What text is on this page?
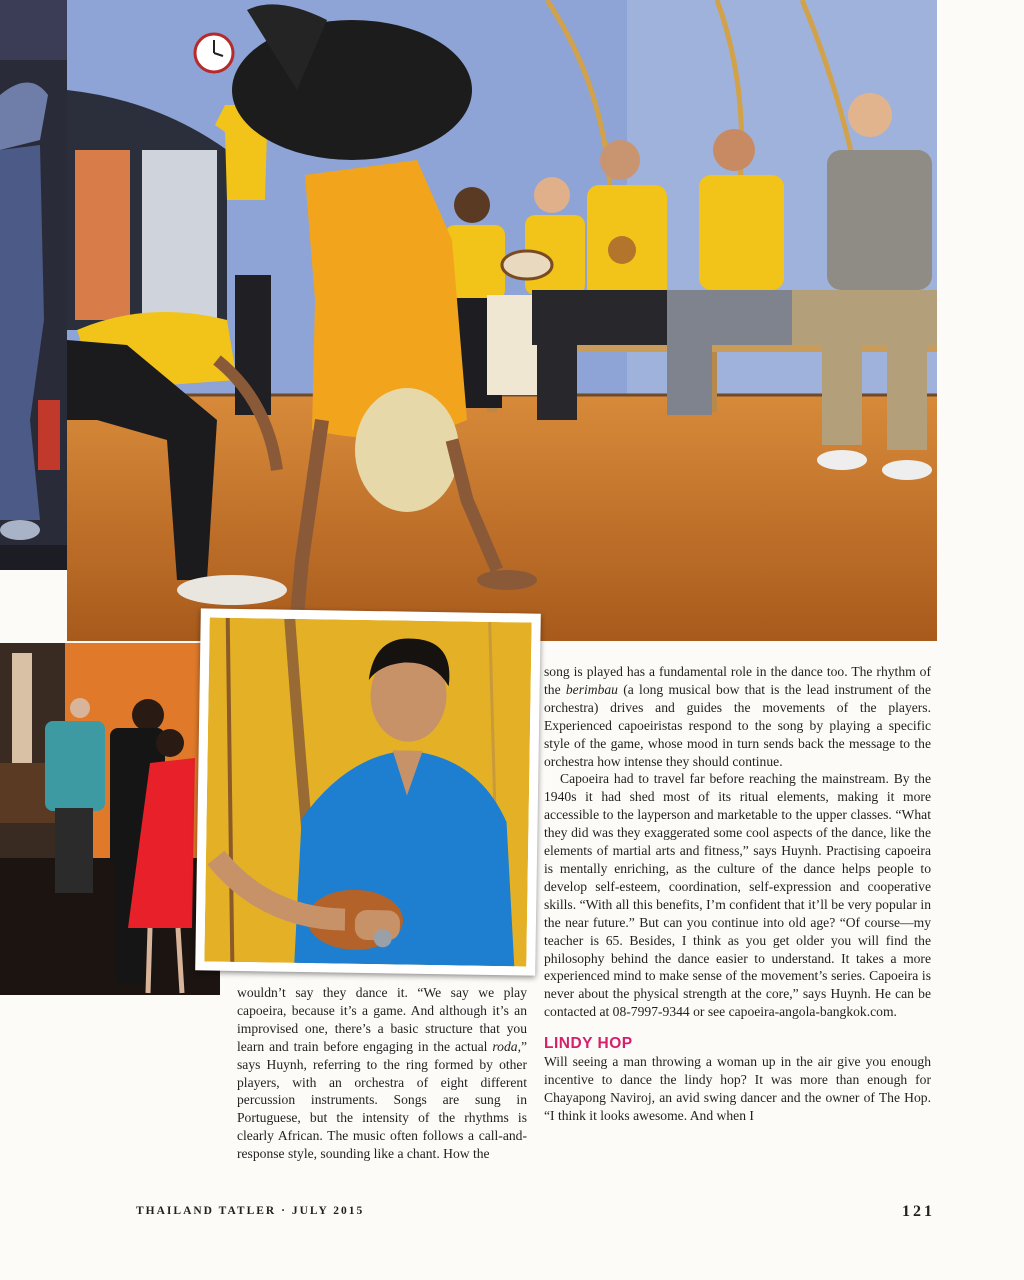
wouldn’t say they dance it. “We say we play capoeira, because it’s a game. And although it’s an improvised one, there’s a basic structure that you learn and train before engaging in the actual roda,” says Huynh, referring to the ring formed by other players, with an orchestra of eight different percussion instruments. Songs are sung in Portuguese, but the intensity of the rhythms is clearly African. The music often follows a call-and-response style, sounding like a chant. How the

song is played has a fundamental role in the dance too. The rhythm of the berimbau (a long musical bow that is the lead instrument of the orchestra) drives and guides the movements of the players. Experienced capoeiristas respond to the song by playing a specific style of the game, whose mood in turn sends back the message to the orchestra how intense they should continue.

Capoeira had to travel far before reaching the mainstream. By the 1940s it had shed most of its ritual elements, making it more accessible to the layperson and marketable to the upper classes. “What they did was they exaggerated some cool aspects of the dance, like the elements of martial arts and fitness,” says Huynh. Practising capoeira is mentally enriching, as the culture of the dance helps people to develop self-esteem, coordination, self-expression and cooperative skills. “With all this benefits, I’m confident that it’ll be very popular in the near future.” But can you continue into old age? “Of course—my teacher is 65. Besides, I think as you get older you will find the philosophy behind the dance easier to understand. It takes a more experienced mind to make sense of the movement’s series. Capoeira is never about the physical strength at the core,” says Huynh. He can be contacted at 08-7997-9344 or see capoeira-angola-bangkok.com.

LINDY HOP

Will seeing a man throwing a woman up in the air give you enough incentive to dance the lindy hop? It was more than enough for Chayapong Naviroj, an avid swing dancer and the owner of The Hop. “I think it looks awesome. And when I

THAILAND TATLER · JULY 2015	121
